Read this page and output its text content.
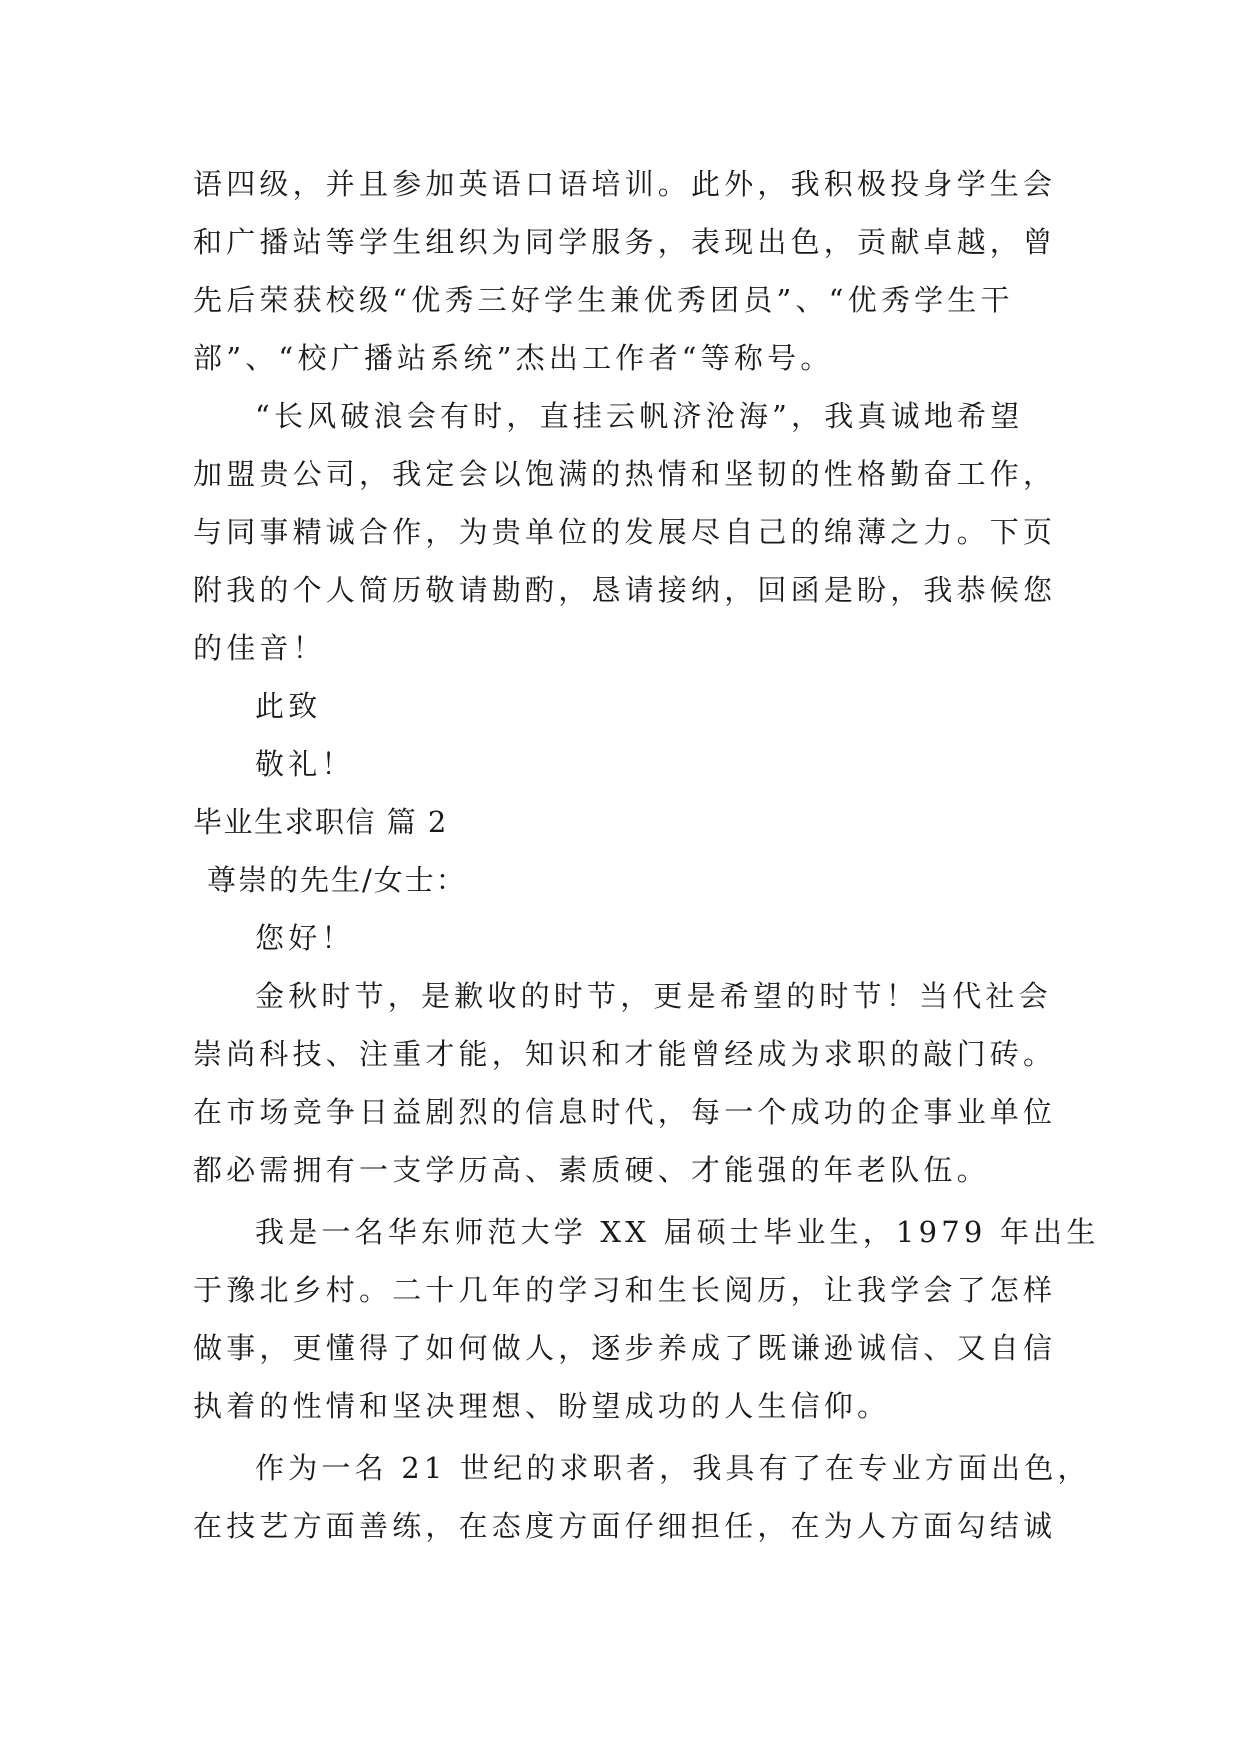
语四级，并且参加英语口语培训。此外，我积极投身学生会
和广播站等学生组织为同学服务，表现出色，贡献卓越，曾
先后荣获校级“优秀三好学生兼优秀团员”、“优秀学生干
部”、“校广播站系统”杰出工作者“等称号。
“长风破浪会有时，直挂云帆济沧海”，我真诚地希望
加盟贵公司，我定会以饱满的热情和坚韧的性格勤奋工作，
与同事精诚合作，为贵单位的发展尽自己的绵薄之力。下页
附我的个人简历敬请勘酌，恳请接纳，回函是盼，我恭候您
的佳音！
此致
敬礼！
毕业生求职信 篇 2
尊崇的先生/女士：
您好！
金秋时节，是歉收的时节，更是希望的时节！当代社会
崇尚科技、注重才能，知识和才能曾经成为求职的敲门砖。
在市场竞争日益剧烈的信息时代，每一个成功的企事业单位
都必需拥有一支学历高、素质硬、才能强的年老队伍。
我是一名华东师范大学 XX 届硕士毕业生，1979 年出生
于豫北乡村。二十几年的学习和生长阅历，让我学会了怎样
做事，更懂得了如何做人，逐步养成了既谦逊诚信、又自信
执着的性情和坚决理想、盼望成功的人生信仰。
作为一名 21 世纪的求职者，我具有了在专业方面出色，
在技艺方面善练，在态度方面仔细担任，在为人方面勾结诚
